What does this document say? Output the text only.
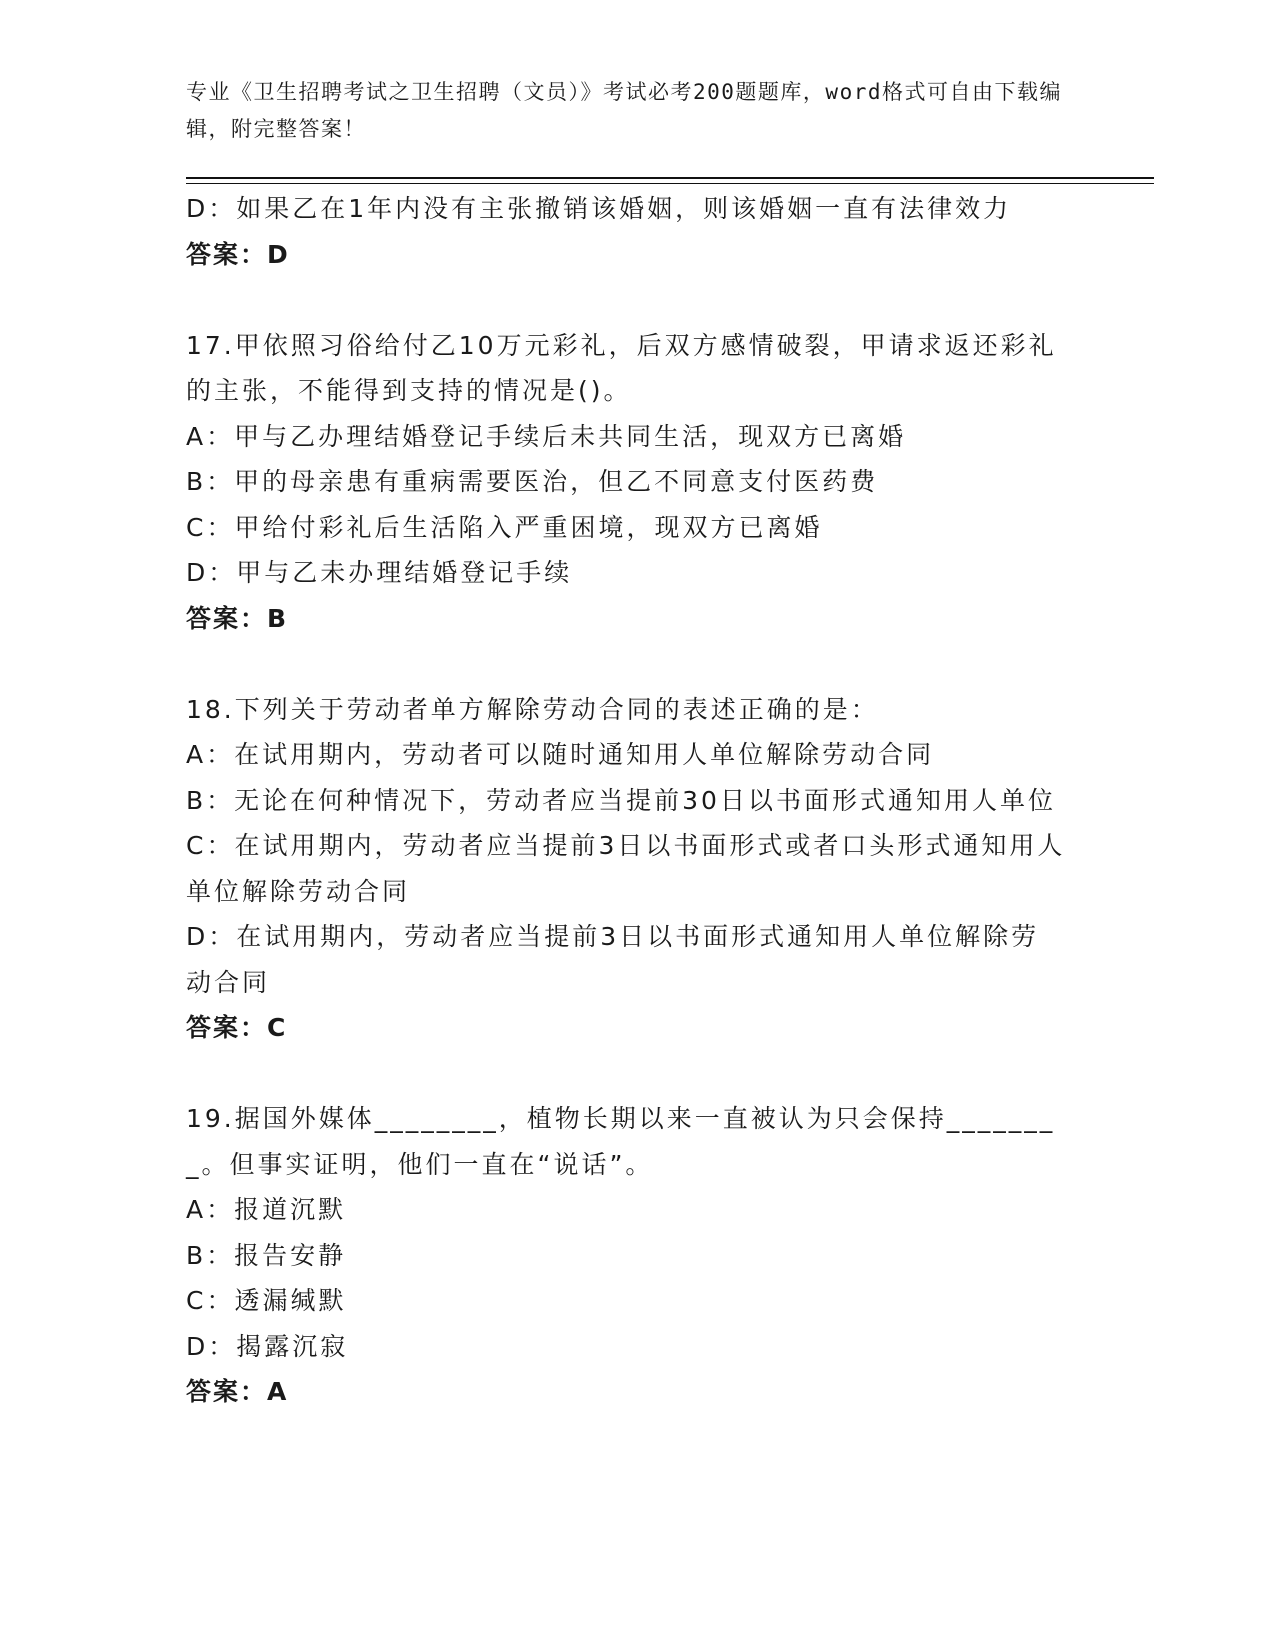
专业《卫生招聘考试之卫生招聘（文员）》考试必考200题题库，word格式可自由下载编辑，附完整答案！

D：如果乙在1年内没有主张撤销该婚姻，则该婚姻一直有法律效力

答案：D

17.甲依照习俗给付乙10万元彩礼，后双方感情破裂，甲请求返还彩礼的主张，不能得到支持的情况是()。

A：甲与乙办理结婚登记手续后未共同生活，现双方已离婚

B：甲的母亲患有重病需要医治，但乙不同意支付医药费

C：甲给付彩礼后生活陷入严重困境，现双方已离婚

D：甲与乙未办理结婚登记手续

答案：B

18.下列关于劳动者单方解除劳动合同的表述正确的是：

A：在试用期内，劳动者可以随时通知用人单位解除劳动合同

B：无论在何种情况下，劳动者应当提前30日以书面形式通知用人单位

C：在试用期内，劳动者应当提前3日以书面形式或者口头形式通知用人单位解除劳动合同

D：在试用期内，劳动者应当提前3日以书面形式通知用人单位解除劳动合同

答案：C

19.据国外媒体________，植物长期以来一直被认为只会保持________。但事实证明，他们一直在“说话”。

A：报道沉默

B：报告安静

C：透漏缄默

D：揭露沉寂

答案：A
